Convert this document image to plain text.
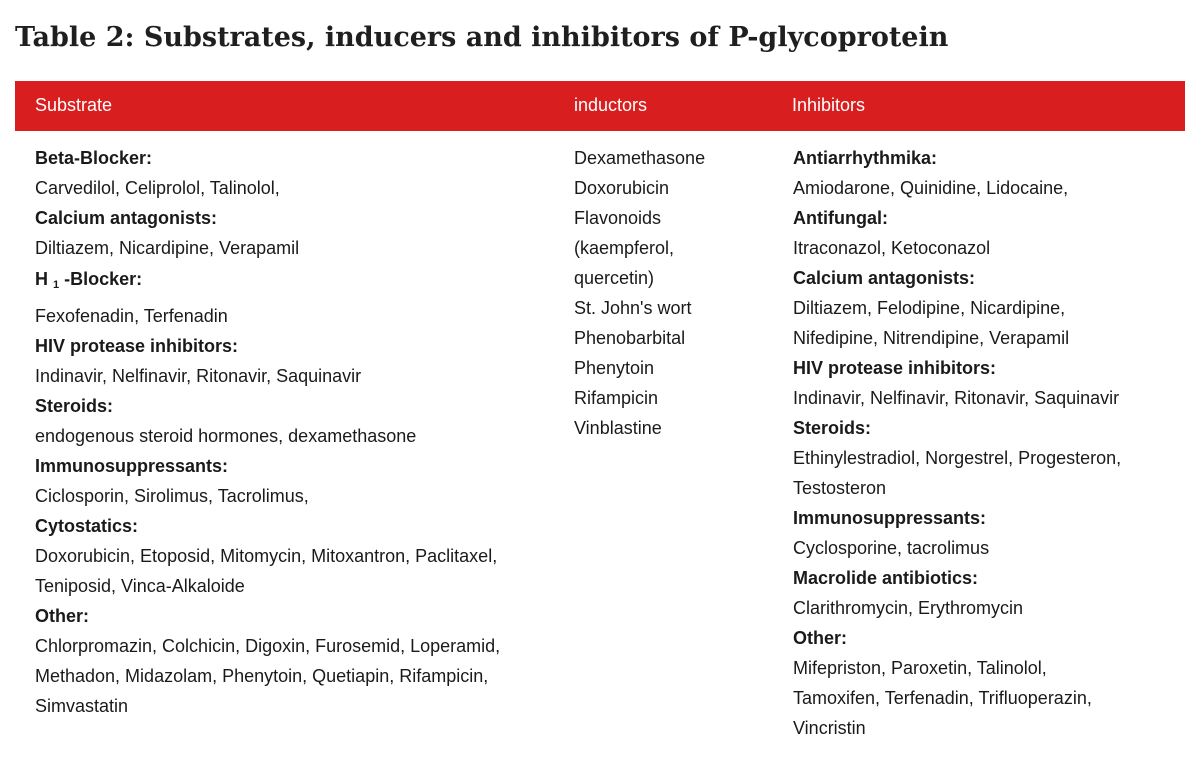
Table 2: Substrates, inducers and inhibitors of P-glycoprotein
Substrate	inductors	Inhibitors
Beta-Blocker:
Carvedilol, Celiprolol, Talinolol,
Calcium antagonists:
Diltiazem, Nicardipine, Verapamil
H $_1$ -Blocker:
Fexofenadin, Terfenadin
HIV protease inhibitors:
Indinavir, Nelfinavir, Ritonavir, Saquinavir
Steroids:
endogenous steroid hormones, dexamethasone
Immunosuppressants:
Ciclosporin, Sirolimus, Tacrolimus,
Cytostatics:
Doxorubicin, Etoposid, Mitomycin, Mitoxantron, Paclitaxel,
Teniposid, Vinca-Alkaloide
Other:
Chlorpromazin, Colchicin, Digoxin, Furosemid, Loperamid,
Methadon, Midazolam, Phenytoin, Quetiapin, Rifampicin,
Simvastatin
Dexamethasone
Doxorubicin
Flavonoids
(kaempferol,
quercetin)
St. John's wort
Phenobarbital
Phenytoin
Rifampicin
Vinblastine
Antiarrhythmika:
Amiodarone, Quinidine, Lidocaine,
Antifungal:
Itraconazol, Ketoconazol
Calcium antagonists:
Diltiazem, Felodipine, Nicardipine,
Nifedipine, Nitrendipine, Verapamil
HIV protease inhibitors:
Indinavir, Nelfinavir, Ritonavir, Saquinavir
Steroids:
Ethinylestradiol, Norgestrel, Progesteron,
Testosteron
Immunosuppressants:
Cyclosporine, tacrolimus
Macrolide antibiotics:
Clarithromycin, Erythromycin
Other:
Mifepriston, Paroxetin, Talinolol,
Tamoxifen, Terfenadin, Trifluoperazin,
Vincristin
